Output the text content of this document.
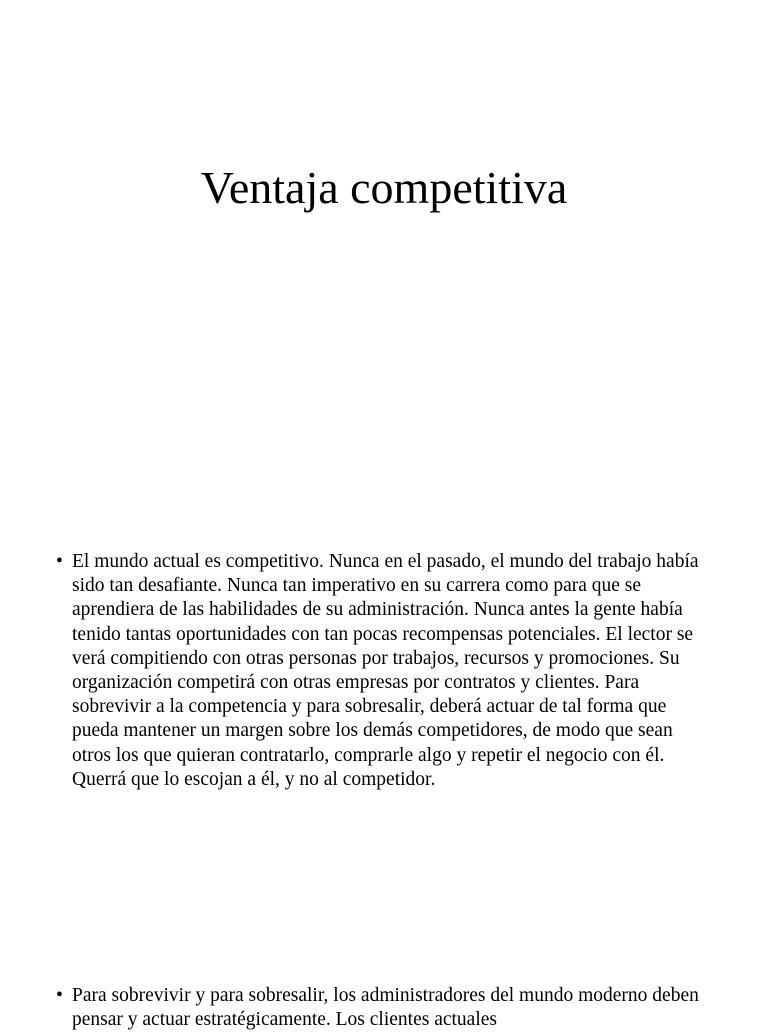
Ventaja competitiva
• El mundo actual es competitivo. Nunca en el pasado, el mundo del trabajo había sido tan desafiante. Nunca tan imperativo en su carrera como para que se aprendiera de las habilidades de su administración. Nunca antes la gente había tenido tantas oportunidades con tan pocas recompensas potenciales. El lector se verá compitiendo con otras personas por trabajos, recursos y promociones. Su organización competirá con otras empresas por contratos y clientes. Para sobrevivir a la competencia y para sobresalir, deberá actuar de tal forma que pueda mantener un margen sobre los demás competidores, de modo que sean otros los que quieran contratarlo, comprarle algo y repetir el negocio con él. Querrá que lo escojan a él, y no al competidor.
• Para sobrevivir y para sobresalir, los administradores del mundo moderno deben pensar y actuar estratégicamente. Los clientes actuales
